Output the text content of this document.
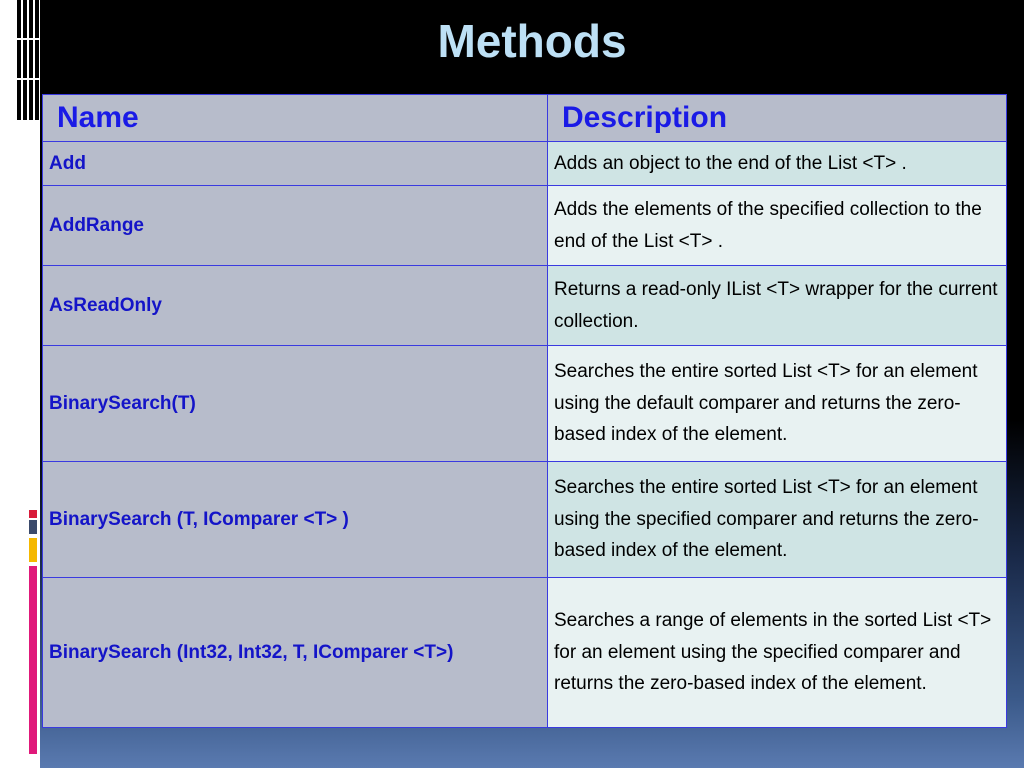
Methods
Name	Description
Add	Adds an object to the end of the List <T> .
AddRange	Adds the elements of the specified collection to the end of the List <T> .
AsReadOnly	Returns a read-only IList <T> wrapper for the current collection.
BinarySearch(T)	Searches the entire sorted List <T> for an element using the default comparer and returns the zero-based index of the element.
BinarySearch (T, IComparer <T> )	Searches the entire sorted List <T> for an element using the specified comparer and returns the zero-based index of the element.
BinarySearch (Int32, Int32, T, IComparer <T>)	Searches a range of elements in the sorted List <T> for an element using the specified comparer and returns the zero-based index of the element.
